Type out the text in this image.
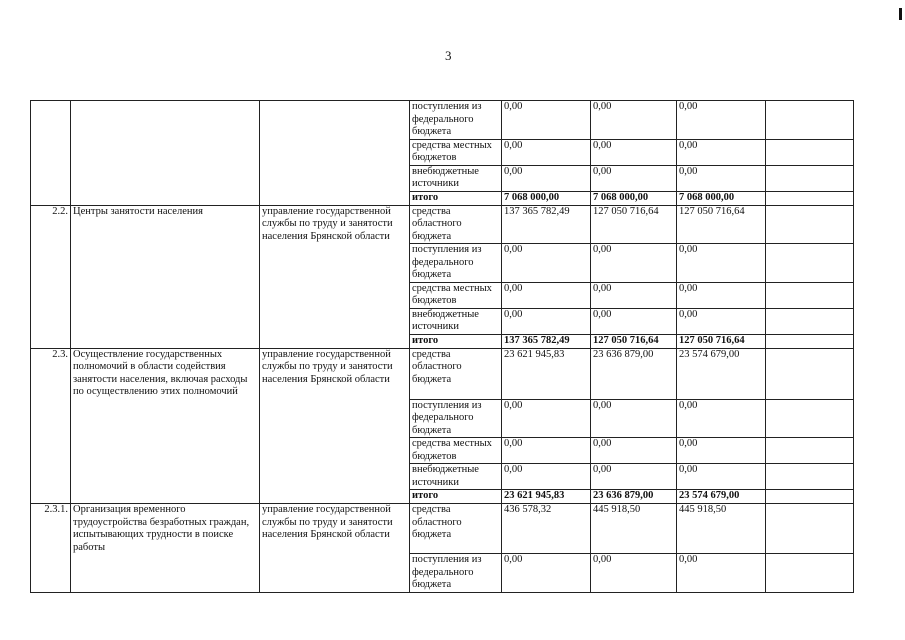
3
			поступления из федерального бюджета	0,00	0,00	0,00	
			средства местных бюджетов	0,00	0,00	0,00	
			внебюджетные источники	0,00	0,00	0,00	
			итого	7 068 000,00	7 068 000,00	7 068 000,00	
2.2.	Центры занятости населения	управление государственной службы по труду и занятости населения Брянской области	средства областного бюджета	137 365 782,49	127 050 716,64	127 050 716,64	
			поступления из федерального бюджета	0,00	0,00	0,00	
			средства местных бюджетов	0,00	0,00	0,00	
			внебюджетные источники	0,00	0,00	0,00	
			итого	137 365 782,49	127 050 716,64	127 050 716,64	
2.3.	Осуществление государственных полномочий в области содействия занятости населения, включая расходы по осуществлению этих полномочий	управление государственной службы по труду и занятости населения Брянской области	средства областного бюджета	23 621 945,83	23 636 879,00	23 574 679,00	
			поступления из федерального бюджета	0,00	0,00	0,00	
			средства местных бюджетов	0,00	0,00	0,00	
			внебюджетные источники	0,00	0,00	0,00	
			итого	23 621 945,83	23 636 879,00	23 574 679,00	
2.3.1.	Организация временного трудоустройства безработных граждан, испытывающих трудности в поиске работы	управление государственной службы по труду и занятости населения Брянской области	средства областного бюджета	436 578,32	445 918,50	445 918,50	
			поступления из федерального бюджета	0,00	0,00	0,00	
